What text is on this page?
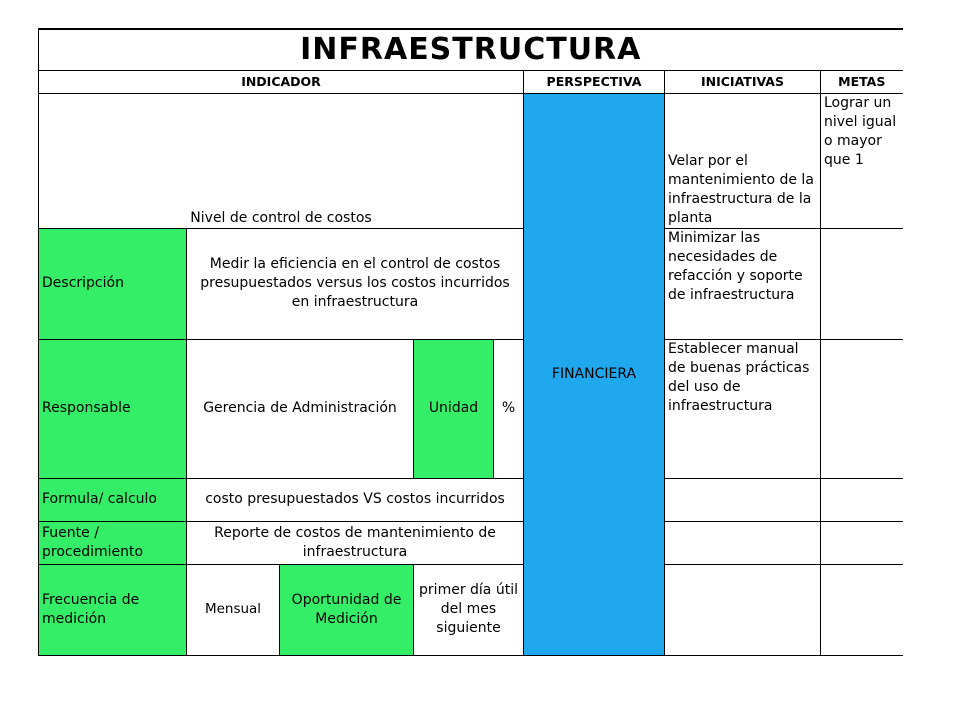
INFRAESTRUCTURA							
INDICADOR					PERSPECTIVA	INICIATIVAS	METAS
Nivel de control de costos					FINANCIERA	Velar por el mantenimiento de la infraestructura de la planta	Lograr un nivel igual o mayor que 1
Descripción	Medir la eficiencia en el control de costos presupuestados versus los costos incurridos en infraestructura					Minimizar las necesidades de refacción y soporte de infraestructura	
Responsable	Gerencia de Administración		Unidad	%		Establecer manual de buenas prácticas del uso de infraestructura	
Formula/ calculo	costo presupuestados VS costos incurridos						
Fuente / procedimiento	Reporte de costos de mantenimiento de infraestructura						
Frecuencia de medición	Mensual	Oportunidad de Medición	primer día útil del mes siguiente				
